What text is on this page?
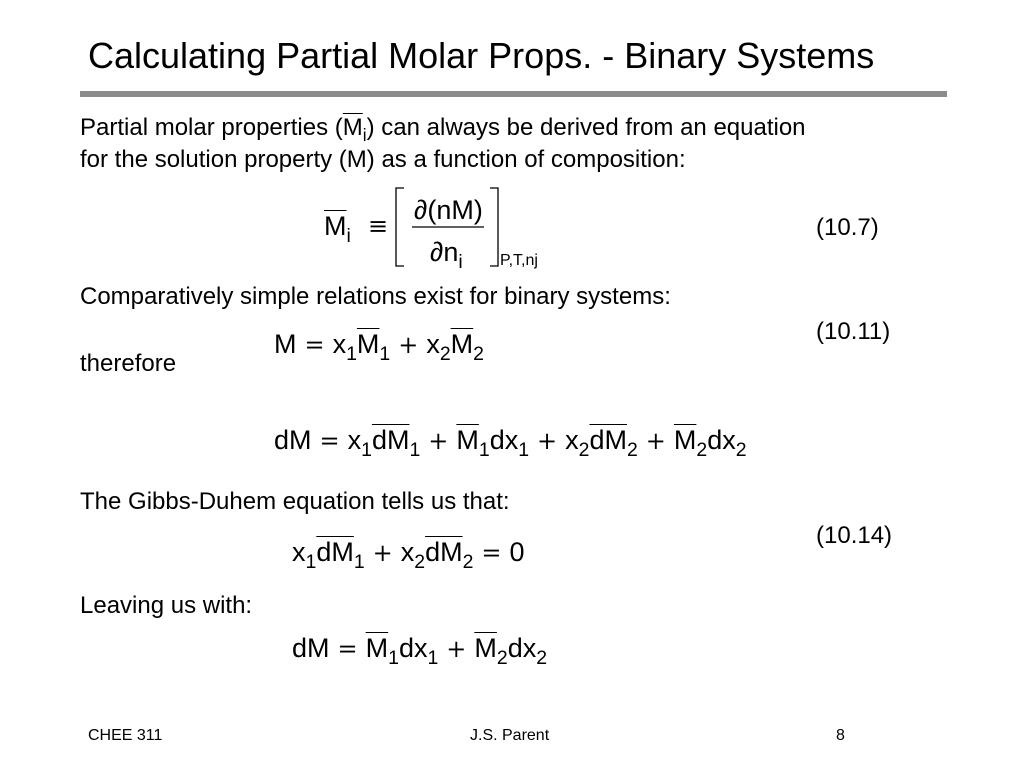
Calculating Partial Molar Props. - Binary Systems
Partial molar properties $(\overline{M}_i)$ can always be derived from an equation
for the solution property (M) as a function of composition:
$\overline{M}_i$ ≡
∂(nM)
$\partial n_i$ P,T,nj
(10.7)
Comparatively simple relations exist for binary systems:
$M = x_1\overline{M}_1 + x_2\overline{M}_2$
(10.11)
therefore
dM = $x_1\overline{dM}_1 + \overline{M}_1dx_1 + x_2\overline{dM}_2 + \overline{M}_2dx_2$
The Gibbs-Duhem equation tells us that:
$x_1\overline{dM}_1 + x_2\overline{dM}_2 = 0$
(10.14)
Leaving us with:
dM = $\overline{M}_1dx_1 + \overline{M}_2dx_2$
CHEE 311	J.S. Parent	8
